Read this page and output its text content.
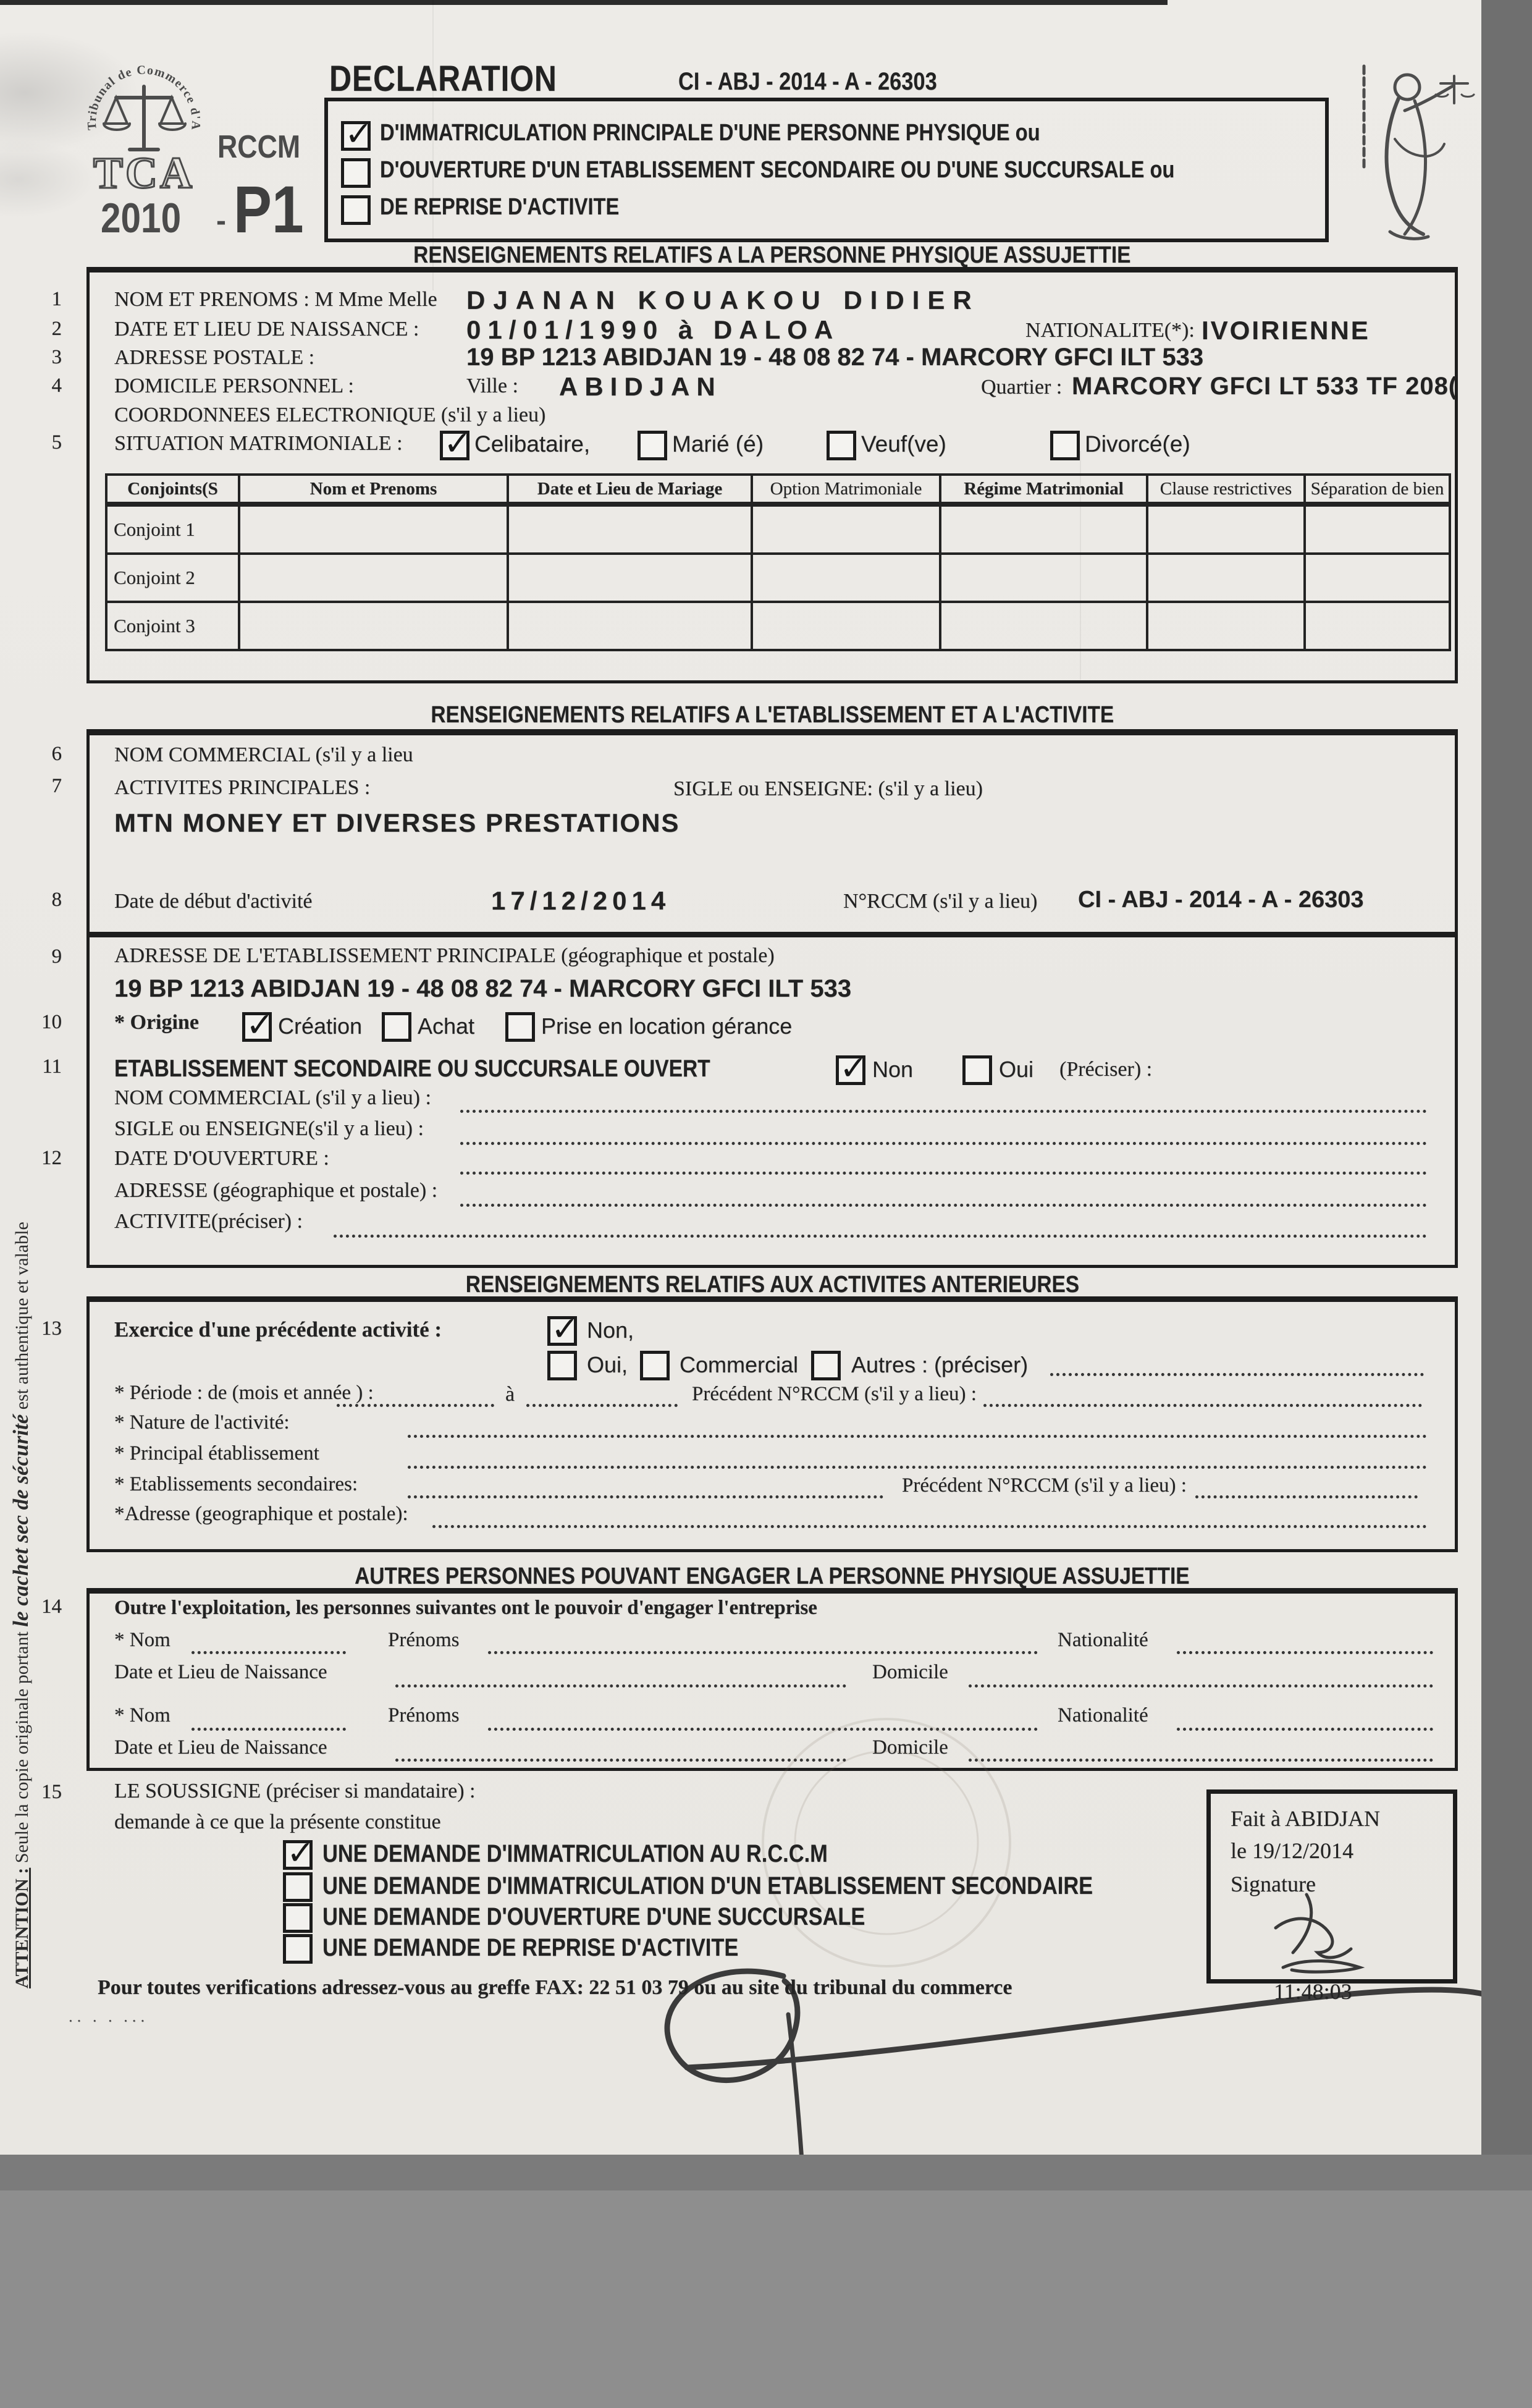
Tribunal de Commerce d'Abidjan
TCA
RCCM
2010	- P1
DECLARATION	CI - ABJ - 2014 - A - 26303
✓
D'IMMATRICULATION PRINCIPALE D'UNE PERSONNE PHYSIQUE ou
D'OUVERTURE D'UN ETABLISSEMENT SECONDAIRE OU D'UNE SUCCURSALE ou
DE REPRISE D'ACTIVITE
RENSEIGNEMENTS RELATIFS A LA PERSONNE PHYSIQUE ASSUJETTIE
1
2
3
4
5
NOM ET PRENOMS : M Mme Melle DJANAN KOUAKOU DIDIER
DATE ET LIEU DE NAISSANCE : 01/01/1990 à DALOA	NATIONALITE(*): IVOIRIENNE
ADRESSE POSTALE :	19 BP 1213 ABIDJAN 19 - 48 08 82 74 - MARCORY GFCI ILT 533
DOMICILE PERSONNEL :	Ville : ABIDJAN	Quartier : MARCORY GFCI LT 533 TF 208(
COORDONNEES ELECTRONIQUE (s'il y a lieu)
SITUATION MATRIMONIALE : ✓	Celibataire,	Marié (é)	Veuf(ve)	Divorcé(e)
Conjoints(S	Nom et Prenoms	Date et Lieu de Mariage	Option Matrimoniale	Régime Matrimonial	Clause restrictives	Séparation de bien
Conjoint 1						
Conjoint 2						
Conjoint 3						
RENSEIGNEMENTS RELATIFS A L'ETABLISSEMENT ET A L'ACTIVITE
6
7
8
NOM COMMERCIAL (s'il y a lieu
ACTIVITES PRINCIPALES :	SIGLE ou ENSEIGNE: (s'il y a lieu)
MTN MONEY ET DIVERSES PRESTATIONS
Date de début d'activité	17/12/2014	N°RCCM (s'il y a lieu) CI - ABJ - 2014 - A - 26303
9
10
11
12
ADRESSE DE L'ETABLISSEMENT PRINCIPALE (géographique et postale)
19 BP 1213 ABIDJAN 19 - 48 08 82 74 - MARCORY GFCI ILT 533
* Origine ✓	Création Achat	Prise en location gérance
ETABLISSEMENT SECONDAIRE OU SUCCURSALE OUVERT ✓	Non	Oui (Préciser) :
NOM COMMERCIAL (s'il y a lieu) :
SIGLE ou ENSEIGNE(s'il y a lieu) :
DATE D'OUVERTURE :
ADRESSE (géographique et postale) :
ACTIVITE(préciser) :
RENSEIGNEMENTS RELATIFS AUX ACTIVITES ANTERIEURES
13 Exercice d'une précédente activité : ✓	Non,
Oui, Commercial Autres : (préciser)
* Période : de (mois et année ) :	à	Précédent N°RCCM (s'il y a lieu) :
* Nature de l'activité:
* Principal établissement
* Etablissements secondaires:	Précédent N°RCCM (s'il y a lieu) :
*Adresse (geographique et postale):
AUTRES PERSONNES POUVANT ENGAGER LA PERSONNE PHYSIQUE ASSUJETTIE
14	Outre l'exploitation, les personnes suivantes ont le pouvoir d'engager l'entreprise
* Nom	Prénoms	Nationalité
Date et Lieu de Naissance	Domicile
* Nom	Prénoms	Nationalité
Date et Lieu de Naissance	Domicile
15	LE SOUSSIGNE (préciser si mandataire) :
demande à ce que la présente constitue
✓
UNE DEMANDE D'IMMATRICULATION AU R.C.C.M
UNE DEMANDE D'IMMATRICULATION D'UN ETABLISSEMENT SECONDAIRE
UNE DEMANDE D'OUVERTURE D'UNE SUCCURSALE
UNE DEMANDE DE REPRISE D'ACTIVITE
Fait à ABIDJAN
le 19/12/2014
Signature
11:48:03
Pour toutes verifications adressez-vous au greffe FAX: 22 51 03 79 ou au site du tribunal du commerce
·· · · ···
ATTENTION : Seule la copie originale portant le cachet sec de sécurité est authentique et valable
